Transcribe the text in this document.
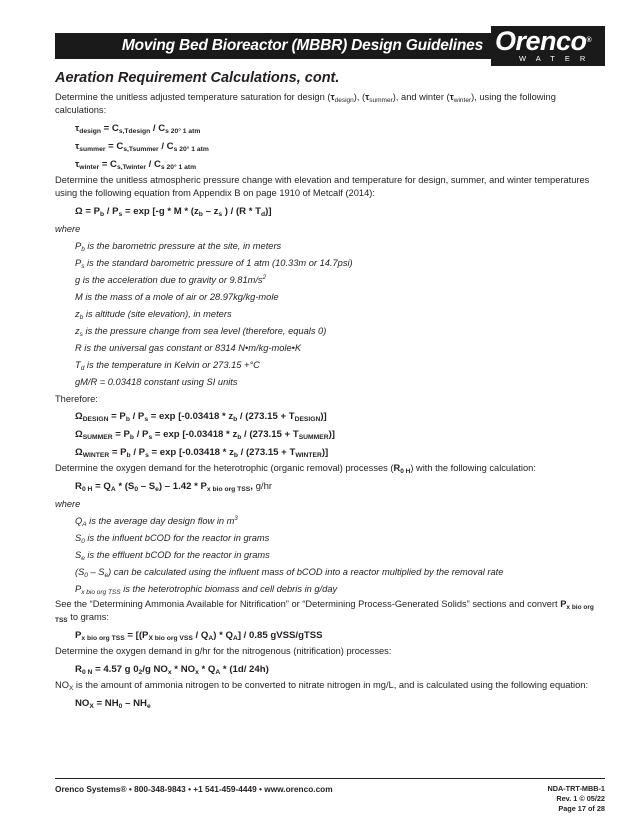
Moving Bed Bioreactor (MBBR) Design Guidelines Orenco®
WATER
Aeration Requirement Calculations, cont.

Determine the unitless adjusted temperature saturation for design $(\tau_{design})$, $(\tau_{summer})$, and winter $(\tau_{winter})$, using the following calculations:

$\tau_{design} = C_{s,Tdesign} / C_{s 20^\circ 1 atm}$

$\tau_{summer} = C_{s,Tsummer} / C_{s 20^\circ 1 atm}$

$\tau_{winter} = C_{s,Twinter} / C_{s 20^\circ 1 atm}$

Determine the unitless atmospheric pressure change with elevation and temperature for design, summer, and winter temperatures using the following equation from Appendix B on page 1910 of Metcalf (2014):

$\Omega = P_b / P_s = \exp [-g * M * (z_b - z_s$ ) / $(R * T_d)$]

where

$P_b$ is the barometric pressure at the site, in meters

$P_s$ is the standard barometric pressure of 1 atm (10.33m or 14.7psi)

g is the acceleration due to gravity or $9.81m/s^2$

M is the mass of a mole of air or 28.97kg/kg-mole

$z_b$ is altitude (site elevation), in meters

$z_s$ is the pressure change from sea level (therefore, equals 0)

R is the universal gas constant or 8314 N•m/kg-mole•K

$T_d$ is the temperature in Kelvin or 273.15 +°C

gM/R = 0.03418 constant using SI units

Therefore:

$\Omega_{DESIGN} = P_b / P_s = \exp [-0.03418 * z_b / (273.15 + T_{DESIGN})]$

$\Omega_{SUMMER} = P_b / P_s = \exp [-0.03418 * z_b / (273.15 + T_{SUMMER})]$

$\Omega_{WINTER} = P_b / P_s = \exp [-0.03418 * z_b / (273.15 + T_{WINTER})]$

Determine the oxygen demand for the heterotrophic (organic removal) processes $(R_{0 H})$ with the following calculation:

$R_{0 H} = Q_A * (S_0 - S_e) - 1.42 * P_{x bio org TSS}$, g/hr

where

$Q_A$ is the average day design flow in $m^3$

$S_0$ is the influent bCOD for the reactor in grams

$S_e$ is the effluent bCOD for the reactor in grams

$(S_0 - S_e)$ can be calculated using the influent mass of bCOD into a reactor multiplied by the removal rate

$P_{x bio org TSS}$ is the heterotrophic biomass and cell debris in g/day

See the “Determining Ammonia Available for Nitrification” or “Determining Process-Generated Solids” sections and convert $P_{x bio org TSS}$ to grams:

$P_{x bio org TSS} = [(P_{X bio org VSS} / Q_A) * Q_A] / 0.85$ gVSS/gTSS

Determine the oxygen demand in g/hr for the nitrogenous (nitrification) processes:

$R_{0 N} = 4.57$ g $0_2/g$ $NO_x * NO_x * Q_A * (1d/$ 24h)

$NO_X$ is the amount of ammonia nitrogen to be converted to nitrate nitrogen in mg/L, and is calculated using the following equation:

$NO_X = NH_0 - NH_e$

Orenco Systems® • 800-348-9843 • +1 541-459-4449 • www.orenco.com	NDA-TRT-MBB-1
Rev. 1 © 05/22
Page 17 of 28
